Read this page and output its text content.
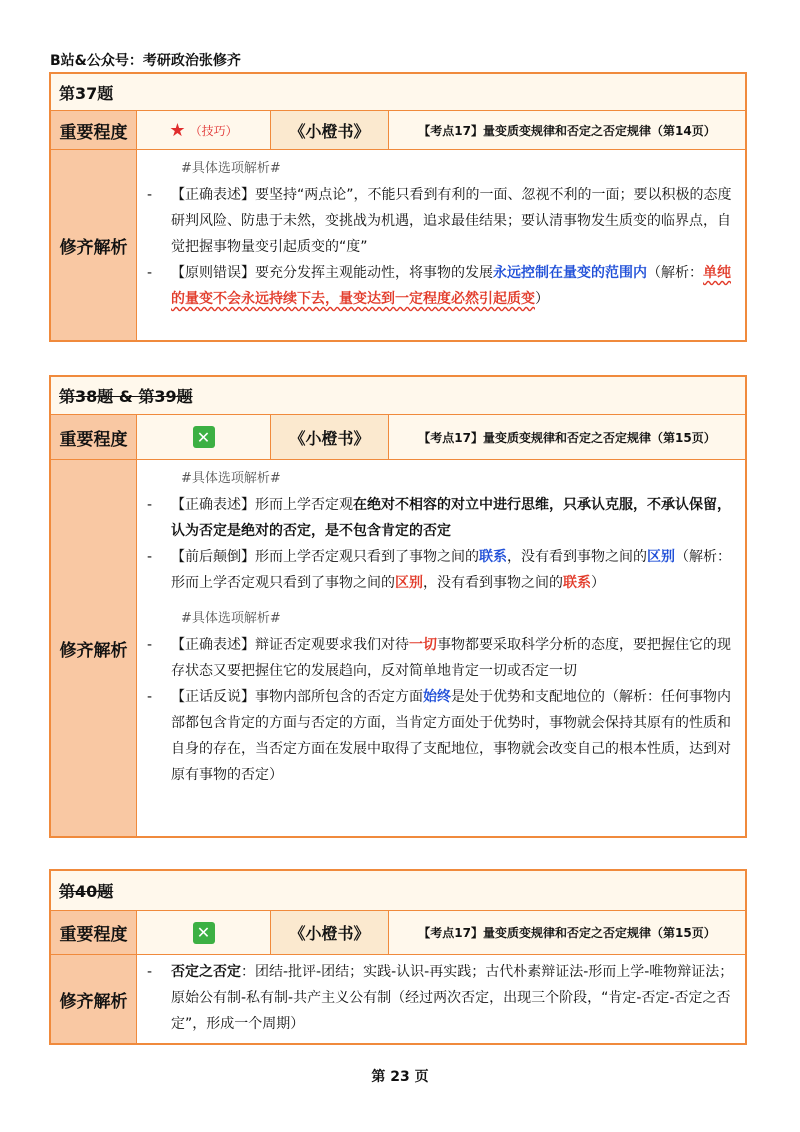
B站&公众号：考研政治张修齐
第37题
重要程度	★ （技巧）	《小橙书》	【考点17】量变质变规律和否定之否定规律（第14页）
修齐解析
#具体选项解析#
-	【正确表述】要坚持“两点论”，不能只看到有利的一面、忽视不利的一面；要以积极的态度研判风险、防患于未然，变挑战为机遇，追求最佳结果；要认清事物发生质变的临界点，自觉把握事物量变引起质变的“度”
-	【原则错误】要充分发挥主观能动性，将事物的发展永远控制在量变的范围内（解析：单纯的量变不会永远持续下去，量变达到一定程度必然引起质变）
第38题 & 第39题
重要程度	✕	《小橙书》	【考点17】量变质变规律和否定之否定规律（第15页）
修齐解析
#具体选项解析#
-	【正确表述】形而上学否定观在绝对不相容的对立中进行思维，只承认克服，不承认保留，认为否定是绝对的否定，是不包含肯定的否定
-	【前后颠倒】形而上学否定观只看到了事物之间的联系，没有看到事物之间的区别（解析：形而上学否定观只看到了事物之间的区别，没有看到事物之间的联系）
#具体选项解析#
-	【正确表述】辩证否定观要求我们对待一切事物都要采取科学分析的态度，要把握住它的现存状态又要把握住它的发展趋向，反对简单地肯定一切或否定一切
-	【正话反说】事物内部所包含的否定方面始终是处于优势和支配地位的（解析：任何事物内部都包含肯定的方面与否定的方面，当肯定方面处于优势时，事物就会保持其原有的性质和自身的存在，当否定方面在发展中取得了支配地位，事物就会改变自己的根本性质，达到对原有事物的否定）
第40题
重要程度	✕	《小橙书》	【考点17】量变质变规律和否定之否定规律（第15页）
修齐解析
-	否定之否定：团结-批评-团结；实践-认识-再实践；古代朴素辩证法-形而上学-唯物辩证法；原始公有制-私有制-共产主义公有制（经过两次否定，出现三个阶段，“肯定-否定-否定之否定”，形成一个周期）
第 23 页
